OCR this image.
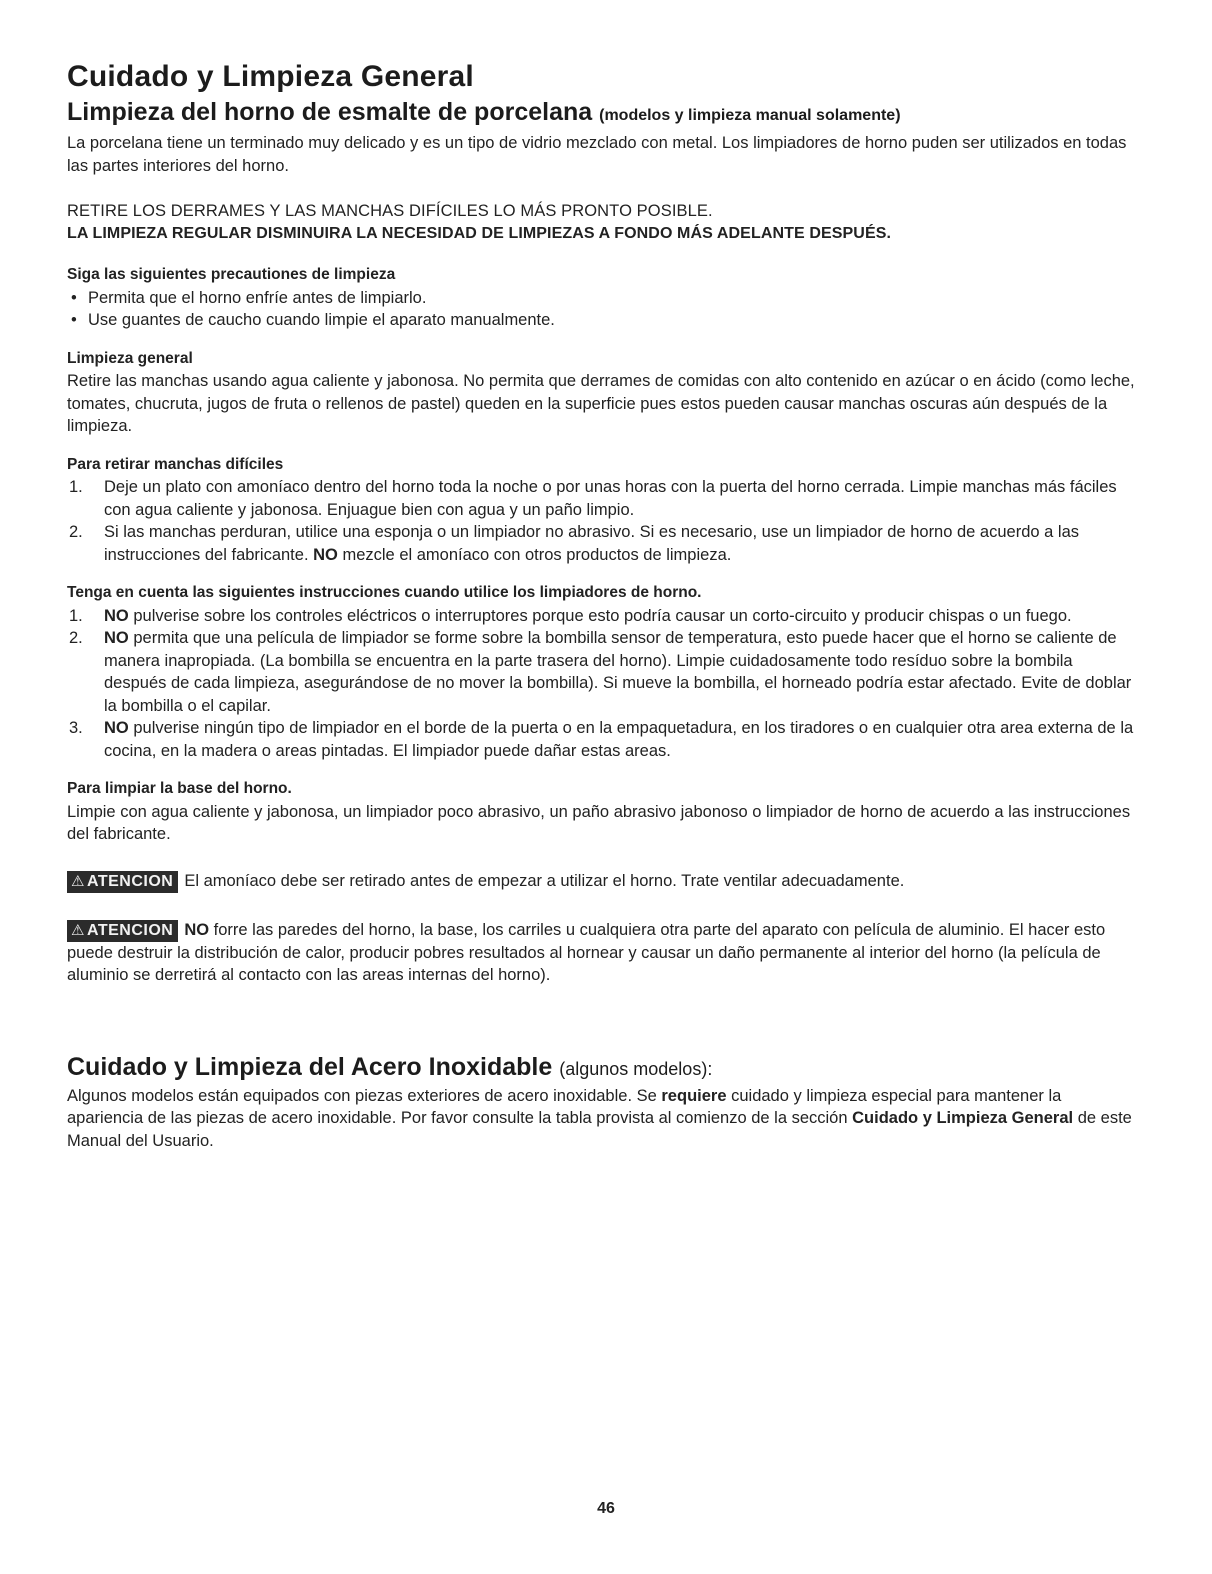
Cuidado y Limpieza General
Limpieza del horno de esmalte de porcelana (modelos y limpieza manual solamente)

La porcelana tiene un terminado muy delicado y es un tipo de vidrio mezclado con metal. Los limpiadores de horno puden ser utilizados en todas las partes interiores del horno.

RETIRE LOS DERRAMES Y LAS MANCHAS DIFÍCILES LO MÁS PRONTO POSIBLE.

LA LIMPIEZA REGULAR DISMINUIRA LA NECESIDAD DE LIMPIEZAS A FONDO MÁS ADELANTE DESPUÉS.

Siga las siguientes precautiones de limpieza
• Permita que el horno enfríe antes de limpiarlo.
• Use guantes de caucho cuando limpie el aparato manualmente.
Limpieza general

Retire las manchas usando agua caliente y jabonosa. No permita que derrames de comidas con alto contenido en azúcar o en ácido (como leche, tomates, chucruta, jugos de fruta o rellenos de pastel) queden en la superficie pues estos pueden causar manchas oscuras aún después de la limpieza.

Para retirar manchas difíciles
1. Deje un plato con amoníaco dentro del horno toda la noche o por unas horas con la puerta del horno cerrada. Limpie manchas más fáciles con agua caliente y jabonosa. Enjuague bien con agua y un paño limpio.
2. Si las manchas perduran, utilice una esponja o un limpiador no abrasivo. Si es necesario, use un limpiador de horno de acuerdo a las instrucciones del fabricante. NO mezcle el amoníaco con otros productos de limpieza.
Tenga en cuenta las siguientes instrucciones cuando utilice los limpiadores de horno.
1. NO pulverise sobre los controles eléctricos o interruptores porque esto podría causar un corto-circuito y producir chispas o un fuego.
2. NO permita que una película de limpiador se forme sobre la bombilla sensor de temperatura, esto puede hacer que el horno se caliente de manera inapropiada. (La bombilla se encuentra en la parte trasera del horno). Limpie cuidadosamente todo resíduo sobre la bombila después de cada limpieza, asegurándose de no mover la bombilla). Si mueve la bombilla, el horneado podría estar afectado. Evite de doblar la bombilla o el capilar.
3. NO pulverise ningún tipo de limpiador en el borde de la puerta o en la empaquetadura, en los tiradores o en cualquier otra area externa de la cocina, en la madera o areas pintadas. El limpiador puede dañar estas areas.
Para limpiar la base del horno.

Limpie con agua caliente y jabonosa, un limpiador poco abrasivo, un paño abrasivo jabonoso o limpiador de horno de acuerdo a las instrucciones del fabricante.

⚠ ATENCION El amoníaco debe ser retirado antes de empezar a utilizar el horno. Trate ventilar adecuadamente.

⚠ ATENCION NO forre las paredes del horno, la base, los carriles u cualquiera otra parte del aparato con película de aluminio. El hacer esto puede destruir la distribución de calor, producir pobres resultados al hornear y causar un daño permanente al interior del horno (la película de aluminio se derretirá al contacto con las areas internas del horno).

Cuidado y Limpieza del Acero Inoxidable (algunos modelos):

Algunos modelos están equipados con piezas exteriores de acero inoxidable. Se requiere cuidado y limpieza especial para mantener la apariencia de las piezas de acero inoxidable. Por favor consulte la tabla provista al comienzo de la sección Cuidado y Limpieza General de este Manual del Usuario.

46
